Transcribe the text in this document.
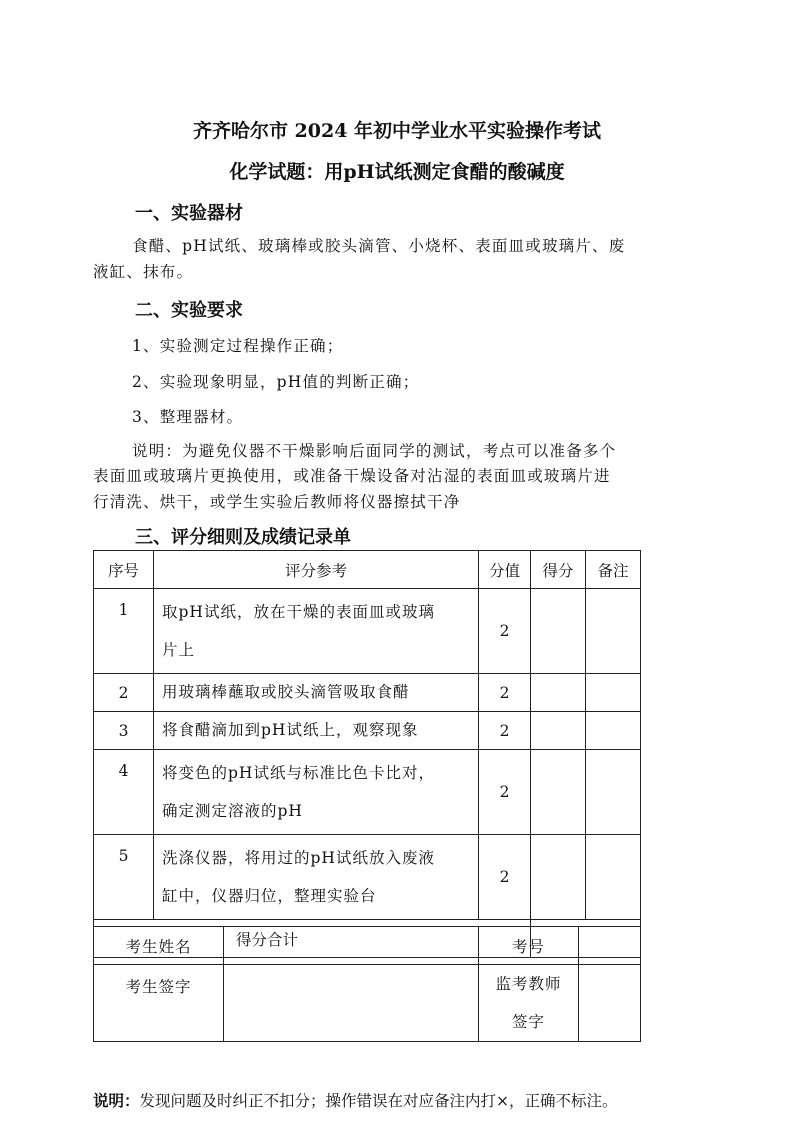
齐齐哈尔市 2024 年初中学业水平实验操作考试
化学试题：用pH试纸测定食醋的酸碱度
一、实验器材
食醋、pH试纸、玻璃棒或胶头滴管、小烧杯、表面皿或玻璃片、废
液缸、抹布。
二、实验要求
1、实验测定过程操作正确；
2、实验现象明显，pH值的判断正确；
3、整理器材。
说明：为避免仪器不干燥影响后面同学的测试，考点可以准备多个
表面皿或玻璃片更换使用，或准备干燥设备对沾湿的表面皿或玻璃片进
行清洗、烘干，或学生实验后教师将仪器擦拭干净
三、评分细则及成绩记录单
序号	评分参考	分值	得分	备注
1	取pH试纸，放在干燥的表面皿或玻璃
片上	2		
2	用玻璃棒蘸取或胶头滴管吸取食醋	2		
3	将食醋滴加到pH试纸上，观察现象	2		
4	将变色的pH试纸与标准比色卡比对，
确定测定溶液的pH	2		
5	洗涤仪器，将用过的pH试纸放入废液
缸中，仪器归位，整理实验台	2		
得分合计				
考生姓名		考号	
考生签字		监考教师
签字	
说明：发现问题及时纠正不扣分；操作错误在对应备注内打×，正确不标注。
